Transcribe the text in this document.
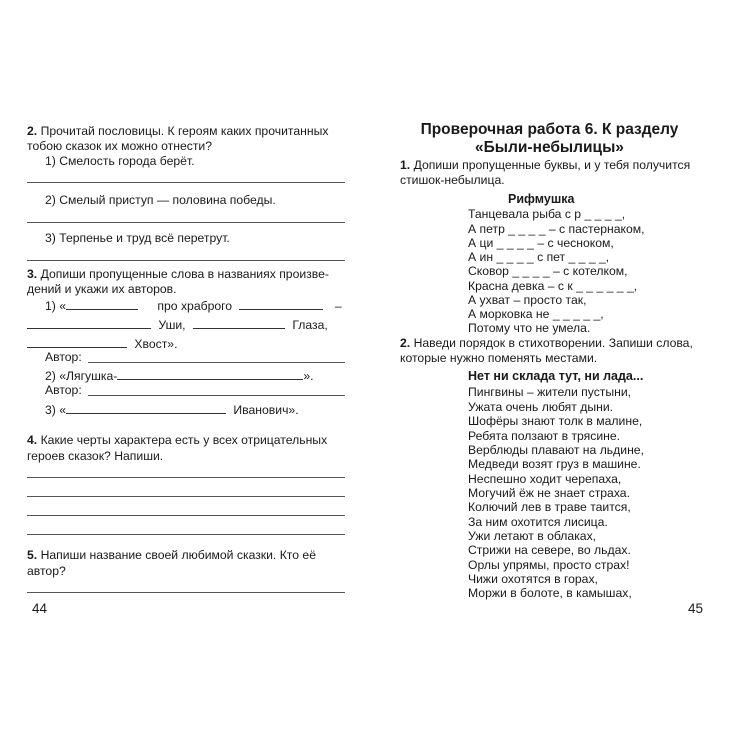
2. Прочитай пословицы. К героям каких прочитанных
тобою сказок их можно отнести?
1) Смелость города берёт.
2) Смелый приступ — половина победы.
3) Терпенье и труд всё перетрут.
3. Допиши пропущенные слова в названиях произве-
дений и укажи их авторов.
1) «	про храброго	–
Уши,	Глаза,
Хвост».
Автор:
2) «Лягушка-	».
Автор:
3) «	Иванович».
4. Какие черты характера есть у всех отрицательных
героев сказок? Напиши.
5. Напиши название своей любимой сказки. Кто её
автор?
44
Проверочная работа 6. К разделу
«Были-небылицы»
1. Допиши пропущенные буквы, и у тебя получится
стишок-небылица.
Рифмушка
Танцевала рыба с р _ _ _ _,
А петр _ _ _ _ – с пастернаком,
А ци _ _ _ _ – с чесноком,
А ин _ _ _ _ с пет _ _ _ _,
Сковор _ _ _ _ – с котелком,
Красна девка – с к _ _ _ _ _ _,
А ухват – просто так,
А морковка не _ _ _ _ _,
Потому что не умела.
2. Наведи порядок в стихотворении. Запиши слова,
которые нужно поменять местами.
Нет ни склада тут, ни лада...
Пингвины – жители пустыни,
Ужата очень любят дыни.
Шофёры знают толк в малине,
Ребята ползают в трясине.
Верблюды плавают на льдине,
Медведи возят груз в машине.
Неспешно ходит черепаха,
Могучий ёж не знает страха.
Колючий лев в траве таится,
За ним охотится лисица.
Ужи летают в облаках,
Стрижи на севере, во льдах.
Орлы упрямы, просто страх!
Чижи охотятся в горах,
Моржи в болоте, в камышах,
45
